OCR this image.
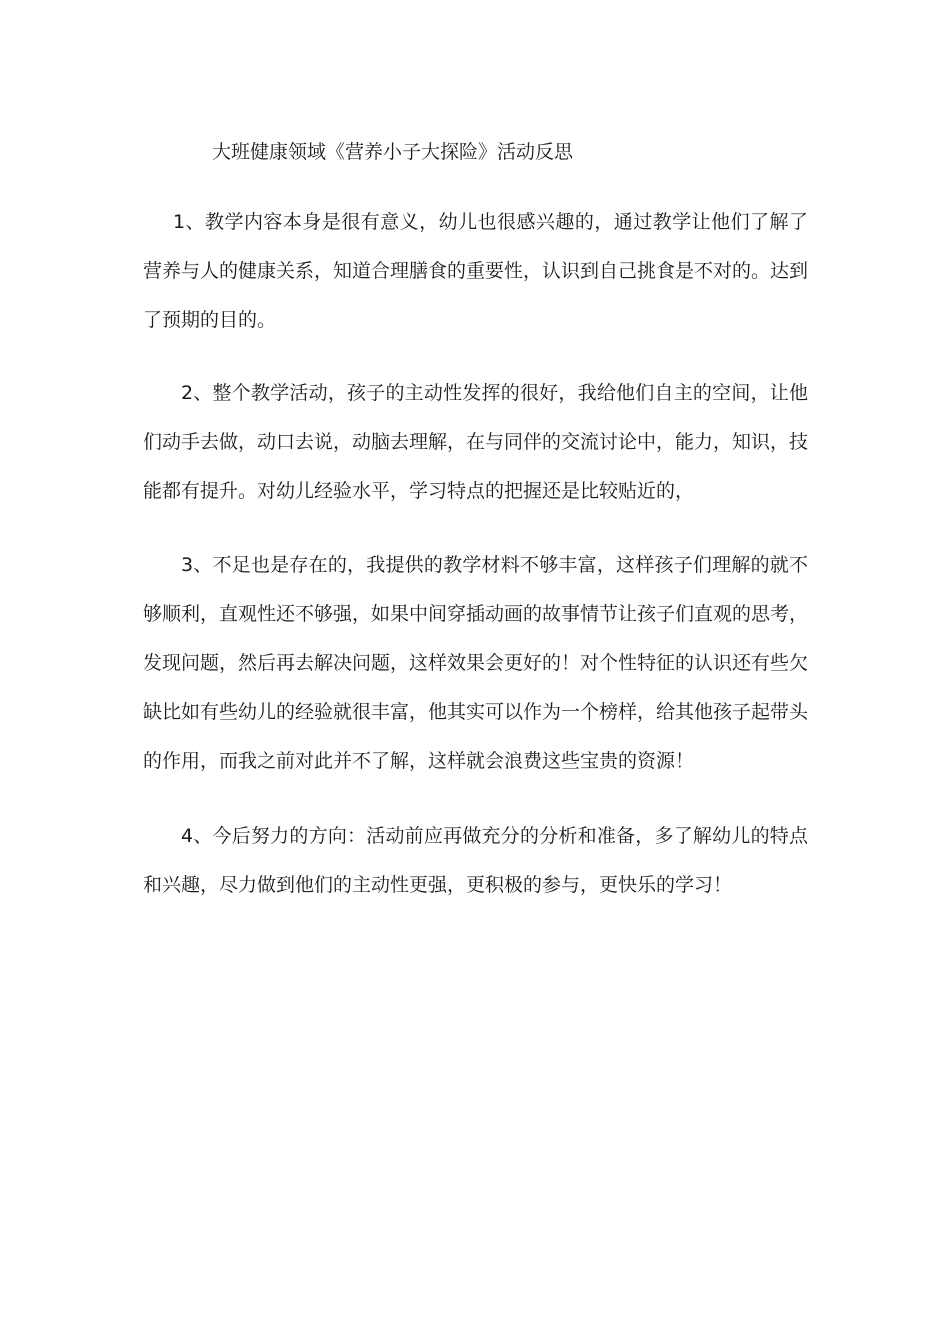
大班健康领域《营养小子大探险》活动反思

1、教学内容本身是很有意义，幼儿也很感兴趣的，通过教学让他们了解了营养与人的健康关系，知道合理膳食的重要性，认识到自己挑食是不对的。达到了预期的目的。

2、整个教学活动，孩子的主动性发挥的很好，我给他们自主的空间，让他们动手去做，动口去说，动脑去理解，在与同伴的交流讨论中，能力，知识，技能都有提升。对幼儿经验水平，学习特点的把握还是比较贴近的，

3、不足也是存在的，我提供的教学材料不够丰富，这样孩子们理解的就不够顺利，直观性还不够强，如果中间穿插动画的故事情节让孩子们直观的思考，发现问题，然后再去解决问题，这样效果会更好的！对个性特征的认识还有些欠缺比如有些幼儿的经验就很丰富，他其实可以作为一个榜样，给其他孩子起带头的作用，而我之前对此并不了解，这样就会浪费这些宝贵的资源！

4、今后努力的方向：活动前应再做充分的分析和准备，多了解幼儿的特点和兴趣，尽力做到他们的主动性更强，更积极的参与，更快乐的学习！
